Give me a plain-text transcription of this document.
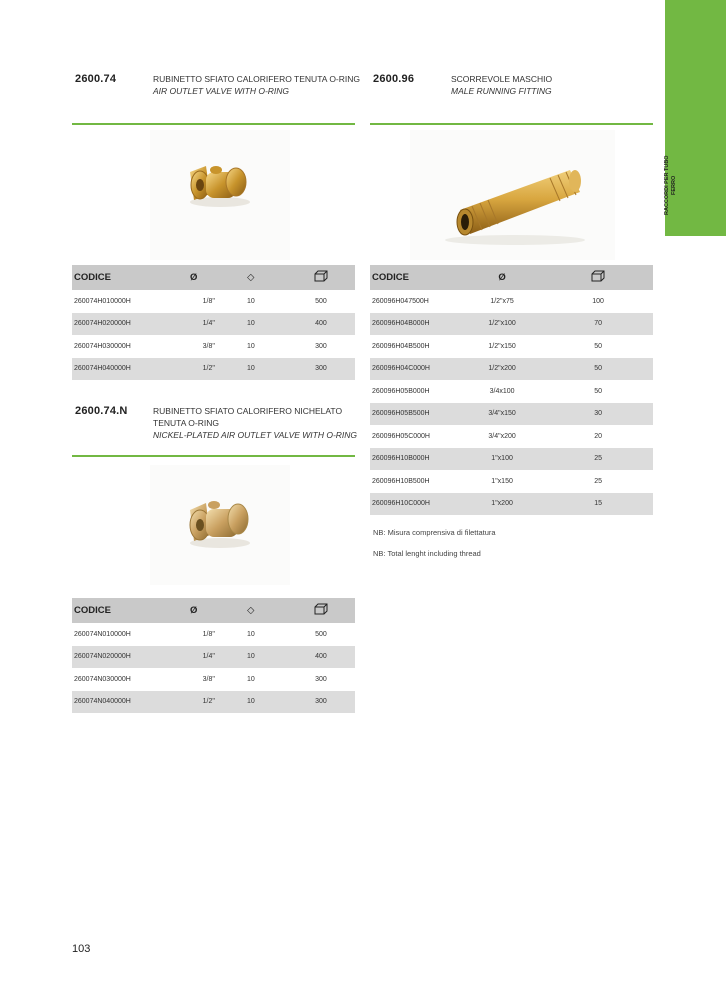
RACCORDI PER TUBO FERRO
2600.74	RUBINETTO SFIATO CALORIFERO TENUTA O-RING
AIR OUTLET VALVE WITH O-RING
CODICE	Ø	◇	
260074H010000H	1/8"	10	500
260074H020000H	1/4"	10	400
260074H030000H	3/8"	10	300
260074H040000H	1/2"	10	300
2600.74.N	RUBINETTO SFIATO CALORIFERO NICHELATO
TENUTA O-RING
NICKEL-PLATED AIR OUTLET VALVE WITH O-RING
CODICE	Ø	◇	
260074N010000H	1/8"	10	500
260074N020000H	1/4"	10	400
260074N030000H	3/8"	10	300
260074N040000H	1/2"	10	300
2600.96	SCORREVOLE MASCHIO
MALE RUNNING FITTING
CODICE	Ø	
260096H047500H	1/2"x75	100
260096H04B000H	1/2"x100	70
260096H04B500H	1/2"x150	50
260096H04C000H	1/2"x200	50
260096H05B000H	3/4x100	50
260096H05B500H	3/4"x150	30
260096H05C000H	3/4"x200	20
260096H10B000H	1"x100	25
260096H10B500H	1"x150	25
260096H10C000H	1"x200	15
NB: Misura comprensiva di filettatura
NB: Total lenght including thread
103
